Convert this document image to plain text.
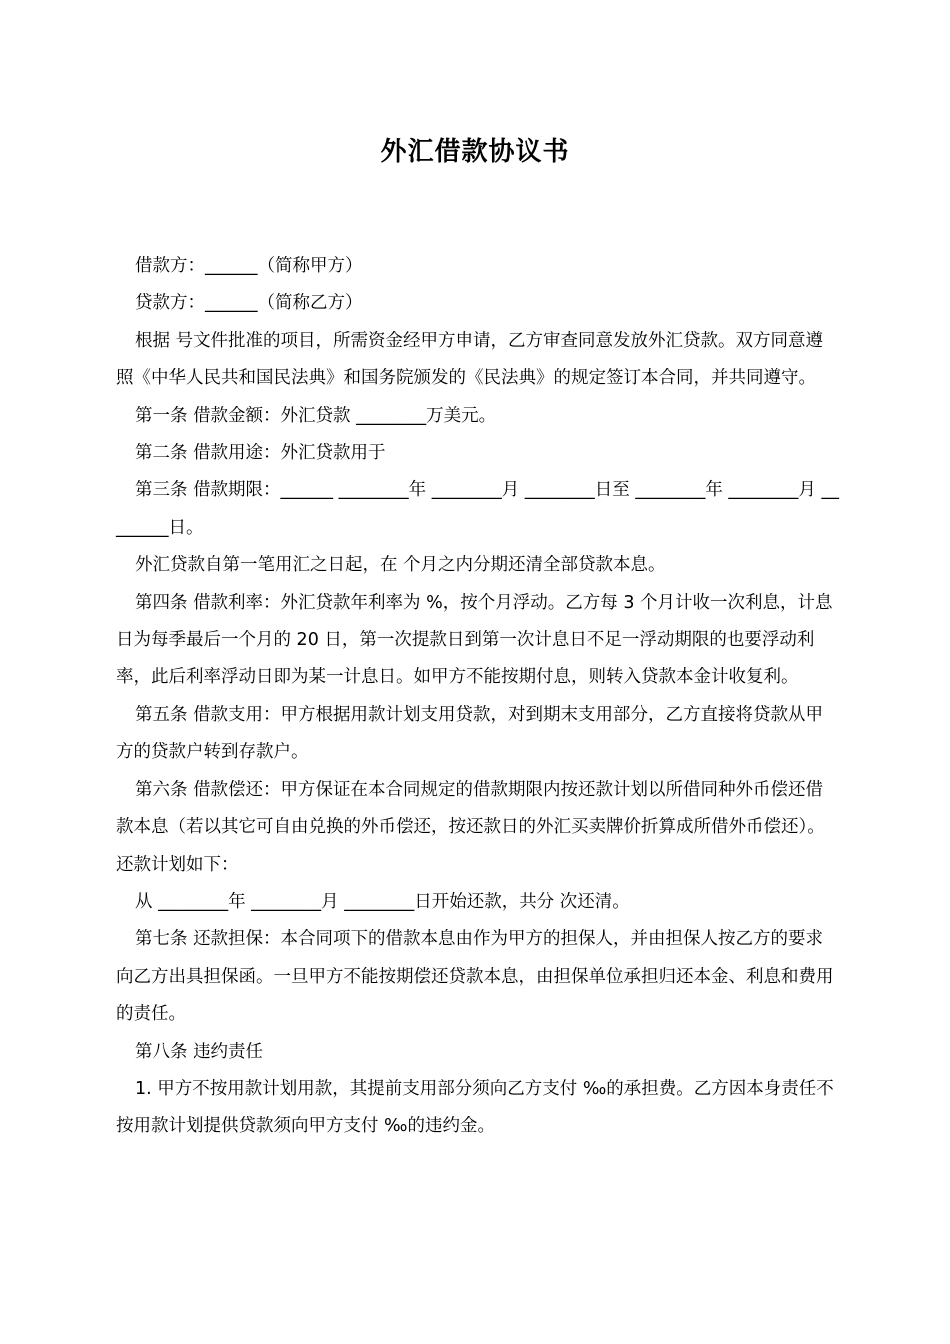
外汇借款协议书

借款方：______（简称甲方）

贷款方：______（简称乙方）

根据 号文件批准的项目，所需资金经甲方申请，乙方审查同意发放外汇贷款。双方同意遵照《中华人民共和国民法典》和国务院颁发的《民法典》的规定签订本合同，并共同遵守。

第一条 借款金额：外汇贷款 ________万美元。

第二条 借款用途：外汇贷款用于

第三条 借款期限：______ ________年 ________月 ________日至 ________年 ________月 ________日。

外汇贷款自第一笔用汇之日起，在 个月之内分期还清全部贷款本息。

第四条 借款利率：外汇贷款年利率为 %，按个月浮动。乙方每 3 个月计收一次利息，计息日为每季最后一个月的 20 日，第一次提款日到第一次计息日不足一浮动期限的也要浮动利率，此后利率浮动日即为某一计息日。如甲方不能按期付息，则转入贷款本金计收复利。

第五条 借款支用：甲方根据用款计划支用贷款，对到期末支用部分，乙方直接将贷款从甲方的贷款户转到存款户。

第六条 借款偿还：甲方保证在本合同规定的借款期限内按还款计划以所借同种外币偿还借款本息（若以其它可自由兑换的外币偿还，按还款日的外汇买卖牌价折算成所借外币偿还）。还款计划如下：

从 ________年 ________月 ________日开始还款，共分 次还清。

第七条 还款担保：本合同项下的借款本息由作为甲方的担保人，并由担保人按乙方的要求向乙方出具担保函。一旦甲方不能按期偿还贷款本息，由担保单位承担归还本金、利息和费用的责任。

第八条 违约责任

1. 甲方不按用款计划用款，其提前支用部分须向乙方支付 ‰的承担费。乙方因本身责任不按用款计划提供贷款须向甲方支付 ‰的违约金。
